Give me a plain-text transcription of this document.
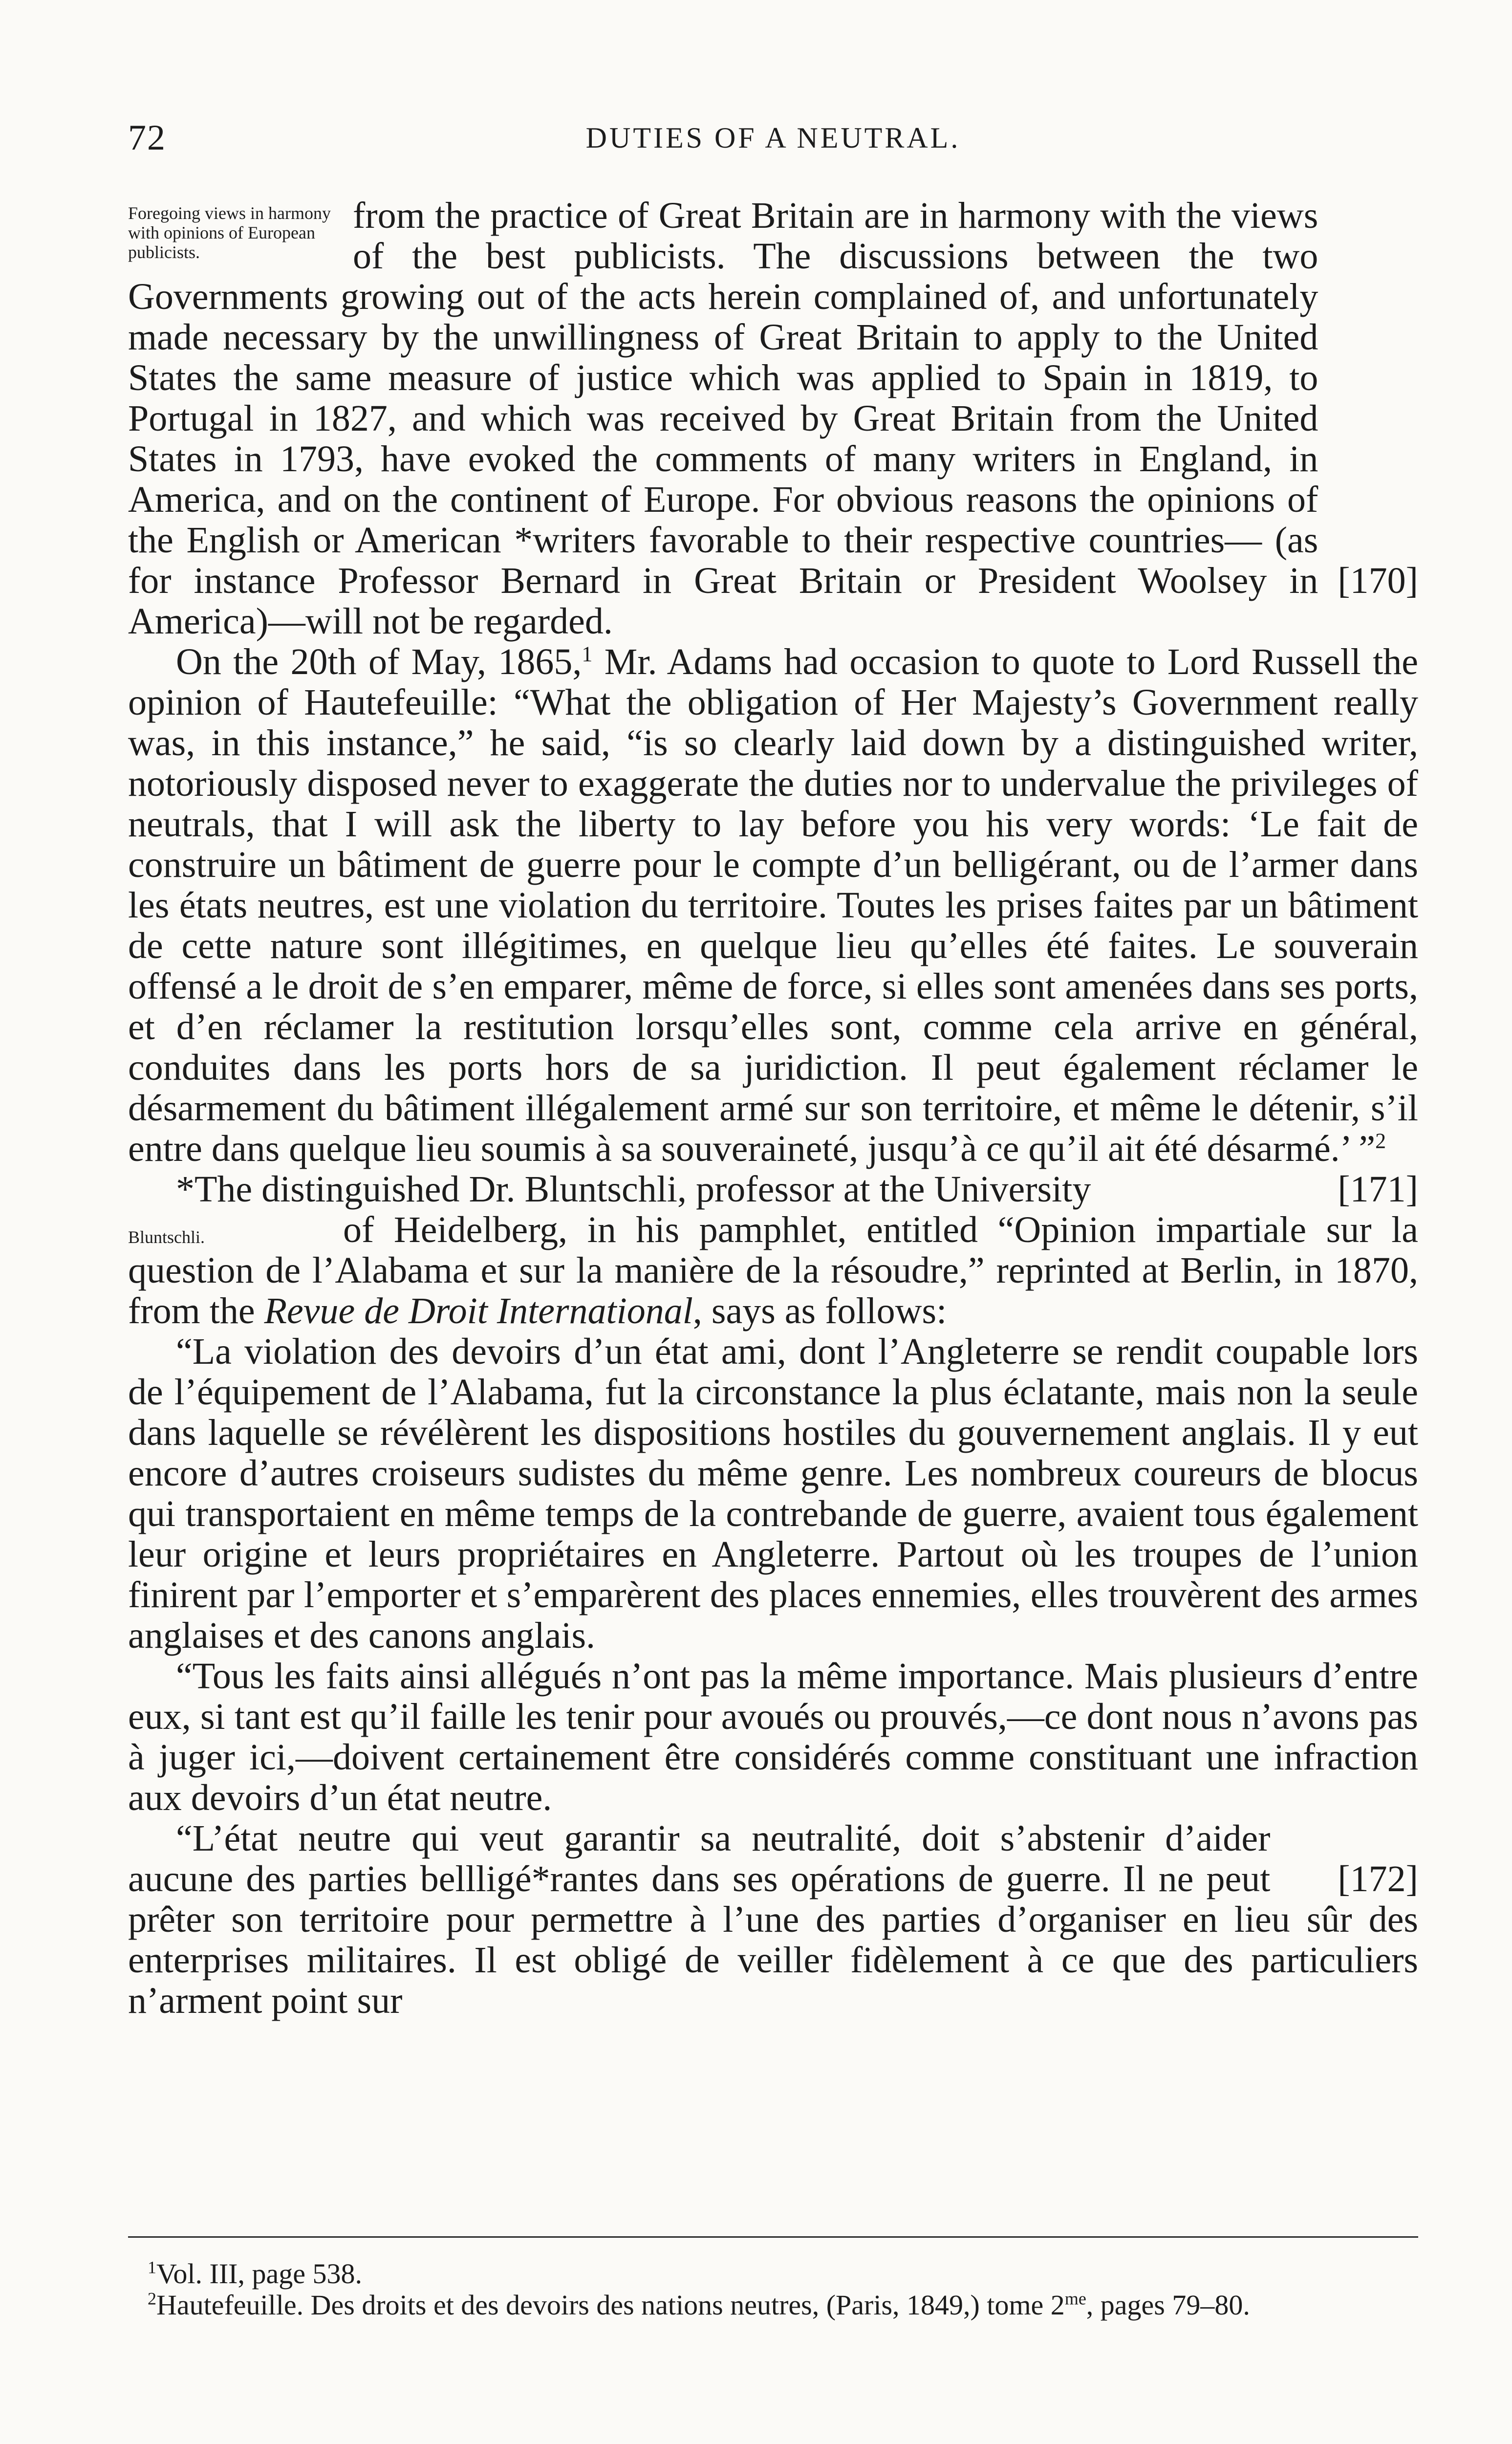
72	DUTIES OF A NEUTRAL.
Foregoing views in harmony with opinions of European publicists.

[170]
from the practice of Great Britain are in harmony with the views of the best publicists. The discussions between the two Governments growing out of the acts herein complained of, and unfortunately made necessary by the unwillingness of Great Britain to apply to the United States the same measure of justice which was applied to Spain in 1819, to Portugal in 1827, and which was received by Great Britain from the United States in 1793, have evoked the comments of many writers in England, in America, and on the continent of Europe. For obvious reasons the opinions of the English or American *writers favorable to their respective countries— (as for instance Professor Bernard in Great Britain or President Woolsey in America)—will not be regarded.

On the 20th of May, 1865,$^1$ Mr. Adams had occasion to quote to Lord Russell the opinion of Hautefeuille: “What the obligation of Her Majesty’s Government really was, in this instance,” he said, “is so clearly laid down by a distinguished writer, notoriously disposed never to exaggerate the duties nor to undervalue the privileges of neutrals, that I will ask the liberty to lay before you his very words: ‘Le fait de construire un bâtiment de guerre pour le compte d’un belligérant, ou de l’armer dans les états neutres, est une violation du territoire. Toutes les prises faites par un bâtiment de cette nature sont illégitimes, en quelque lieu qu’elles été faites. Le souverain offensé a le droit de s’en emparer, même de force, si elles sont amenées dans ses ports, et d’en réclamer la restitution lorsqu’elles sont, comme cela arrive en général, conduites dans les ports hors de sa juridiction. Il peut également réclamer le désarmement du bâtiment illégalement armé sur son territoire, et même le détenir, s’il entre dans quelque lieu soumis à sa souveraineté, jusqu’à ce qu’il ait été désarmé.’ ”$^2$

[171]
*The distinguished Dr. Bluntschli, professor at the University

Bluntschli.	of Heidelberg, in his pamphlet, entitled “Opinion impartiale sur la question de l’Alabama et sur la manière de la résoudre,” reprinted at Berlin, in 1870, from the Revue de Droit International, says as follows:

“La violation des devoirs d’un état ami, dont l’Angleterre se rendit coupable lors de l’équipement de l’Alabama, fut la circonstance la plus éclatante, mais non la seule dans laquelle se révélèrent les dispositions hostiles du gouvernement anglais. Il y eut encore d’autres croiseurs sudistes du même genre. Les nombreux coureurs de blocus qui transportaient en même temps de la contrebande de guerre, avaient tous également leur origine et leurs propriétaires en Angleterre. Partout où les troupes de l’union finirent par l’emporter et s’emparèrent des places ennemies, elles trouvèrent des armes anglaises et des canons anglais.

“Tous les faits ainsi allégués n’ont pas la même importance. Mais plusieurs d’entre eux, si tant est qu’il faille les tenir pour avoués ou prouvés,—ce dont nous n’avons pas à juger ici,—doivent certainement être considérés comme constituant une infraction aux devoirs d’un état neutre.

[172]
“L’état neutre qui veut garantir sa neutralité, doit s’abstenir d’aider aucune des parties bellligé*rantes dans ses opérations de guerre. Il ne peut prêter son territoire pour permettre à l’une des parties d’organiser en lieu sûr des enterprises militaires. Il est obligé de veiller fidèlement à ce que des particuliers n’arment point sur

$^1$Vol. III, page 538.

$^2$Hautefeuille. Des droits et des devoirs des nations neutres, (Paris, 1849,) tome 2$^{me}$, pages 79–80.
